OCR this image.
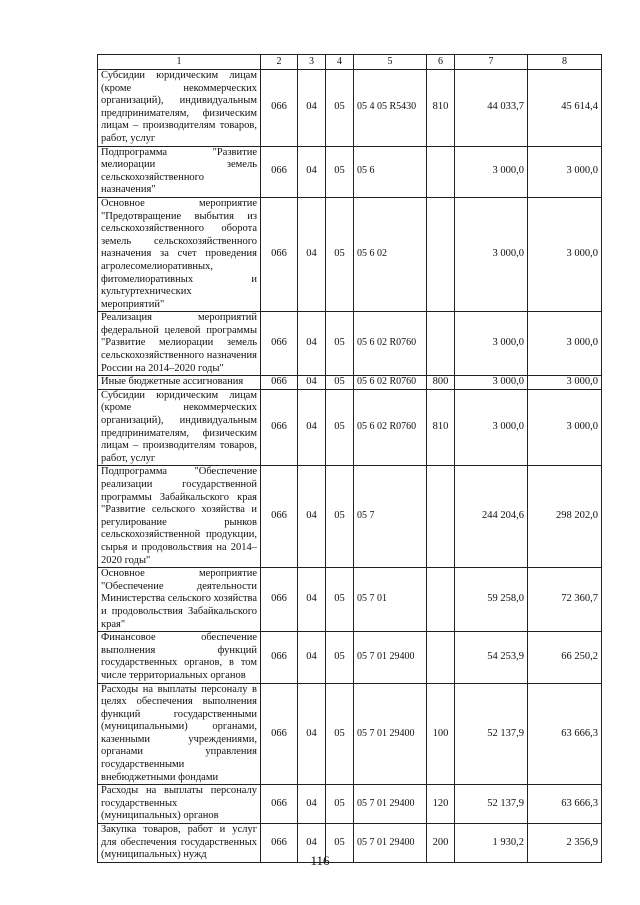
1	2	3	4	5	6	7	8
Субсидии юридическим лицам (кроме некоммерческих организаций), индивидуальным предпринимателям, физическим лицам – производителям товаров, работ, услуг	066	04	05	05 4 05 R5430	810	44 033,7	45 614,4
Подпрограмма "Развитие мелиорации земель сельскохозяйственного назначения"	066	04	05	05 6		3 000,0	3 000,0
Основное мероприятие "Предотвращение выбытия из сельскохозяйственного оборота земель сельскохозяйственного назначения за счет проведения агролесомелиоративных, фитомелиоративных и культуртехнических мероприятий"	066	04	05	05 6 02		3 000,0	3 000,0
Реализация мероприятий федеральной целевой программы "Развитие мелиорации земель сельскохозяйственного назначения России на 2014–2020 годы"	066	04	05	05 6 02 R0760		3 000,0	3 000,0
Иные бюджетные ассигнования	066	04	05	05 6 02 R0760	800	3 000,0	3 000,0
Субсидии юридическим лицам (кроме некоммерческих организаций), индивидуальным предпринимателям, физическим лицам – производителям товаров, работ, услуг	066	04	05	05 6 02 R0760	810	3 000,0	3 000,0
Подпрограмма "Обеспечение реализации государственной программы Забайкальского края "Развитие сельского хозяйства и регулирование рынков сельскохозяйственной продукции, сырья и продовольствия на 2014–2020 годы"	066	04	05	05 7		244 204,6	298 202,0
Основное мероприятие "Обеспечение деятельности Министерства сельского хозяйства и продовольствия Забайкальского края"	066	04	05	05 7 01		59 258,0	72 360,7
Финансовое обеспечение выполнения функций государственных органов, в том числе территориальных органов	066	04	05	05 7 01 29400		54 253,9	66 250,2
Расходы на выплаты персоналу в целях обеспечения выполнения функций государственными (муниципальными) органами, казенными учреждениями, органами управления государственными внебюджетными фондами	066	04	05	05 7 01 29400	100	52 137,9	63 666,3
Расходы на выплаты персоналу государственных (муниципальных) органов	066	04	05	05 7 01 29400	120	52 137,9	63 666,3
Закупка товаров, работ и услуг для обеспечения государственных (муниципальных) нужд	066	04	05	05 7 01 29400	200	1 930,2	2 356,9
116
